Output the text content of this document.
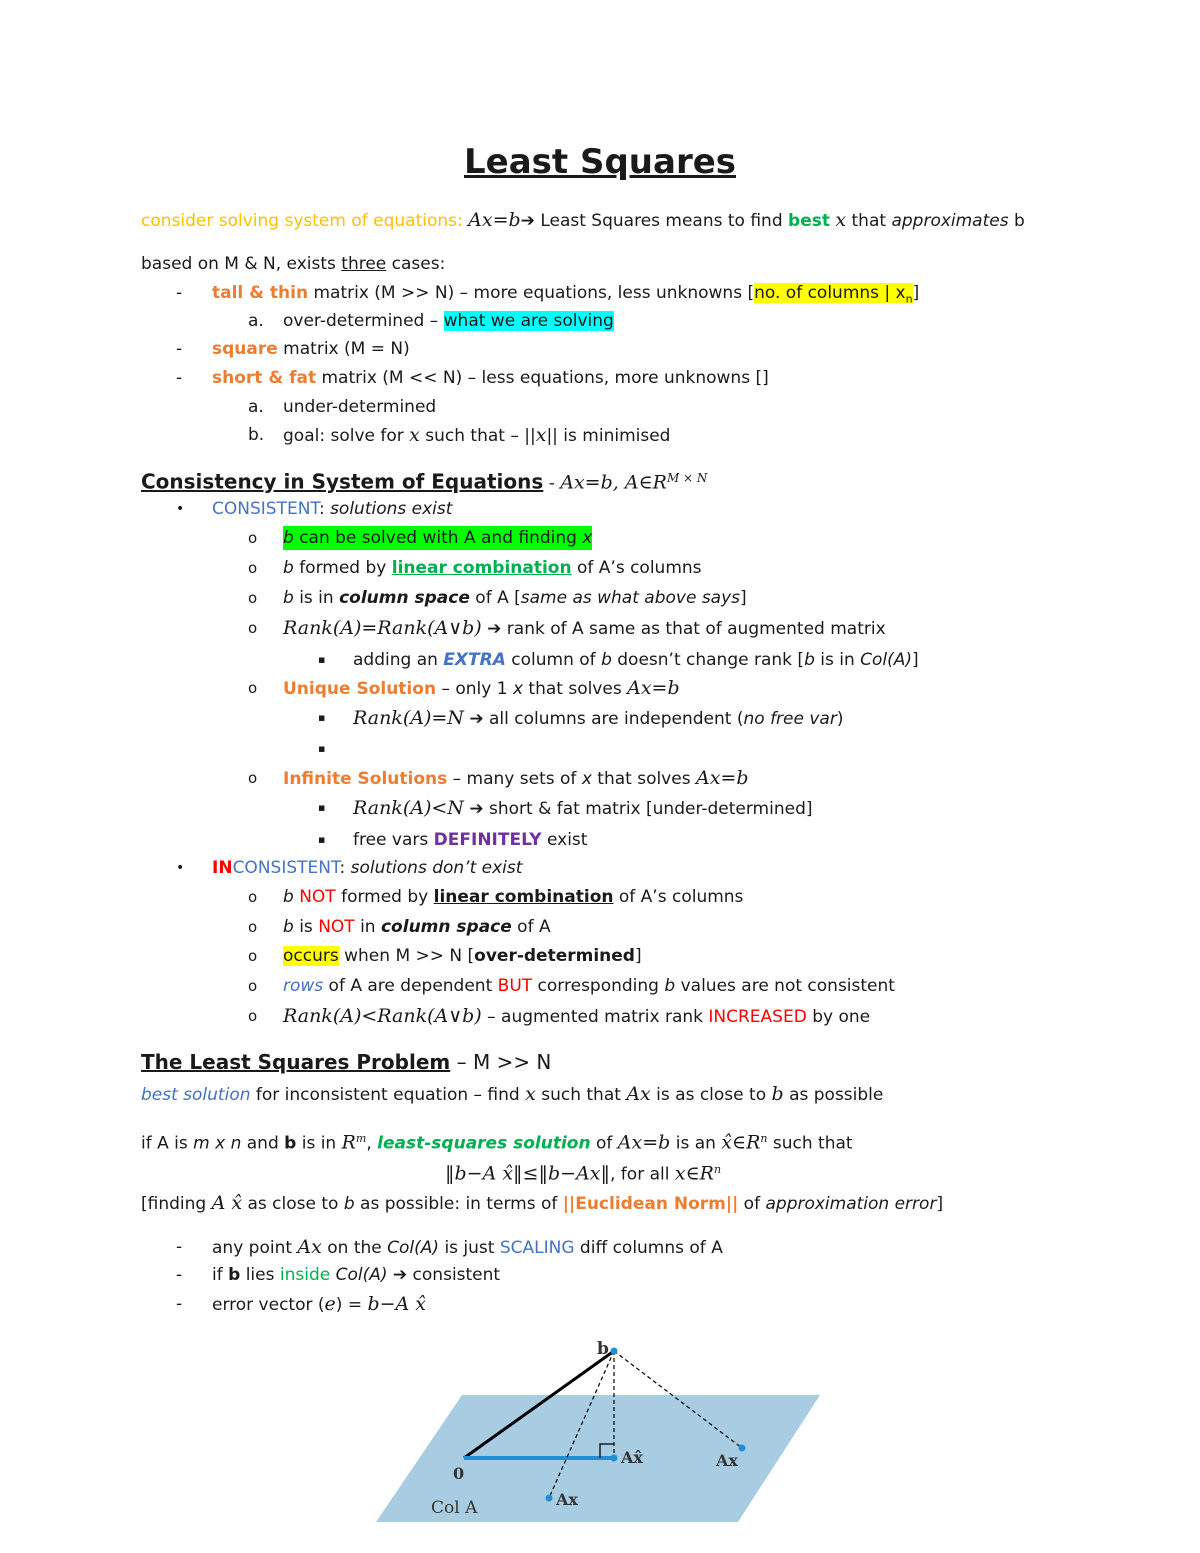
Least Squares
consider solving system of equations: Ax=b➔ Least Squares means to find best x that approximates b
based on M & N, exists three cases:
- tall & thin matrix (M >> N) – more equations, less unknowns [no. of columns | $x_n$]
a. over-determined – what we are solving
- square matrix (M = N)
- short & fat matrix (M << N) – less equations, more unknowns []
a. under-determined
b. goal: solve for x such that – ||x|| is minimised
Consistency in System of Equations - Ax=b, $A\in R^{M \times N}$
• CONSISTENT: solutions exist
o b can be solved with A and finding x
o b formed by linear combination of A’s columns
o b is in column space of A [same as what above says]
o Rank(A)=Rank(A∨b) ➔ rank of A same as that of augmented matrix
▪ adding an EXTRA column of b doesn’t change rank [b is in Col(A)]
o Unique Solution – only 1 x that solves Ax=b
▪ Rank(A)=N ➔ all columns are independent (no free var)
▪
o Infinite Solutions – many sets of x that solves Ax=b
▪ Rank(A)<N ➔ short & fat matrix [under-determined]
▪ free vars DEFINITELY exist
• INCONSISTENT: solutions don’t exist
o b NOT formed by linear combination of A’s columns
o b is NOT in column space of A
o occurs when M >> N [over-determined]
o rows of A are dependent BUT corresponding b values are not consistent
o Rank(A)<Rank(A∨b) – augmented matrix rank INCREASED by one
The Least Squares Problem – M >> N
best solution for inconsistent equation – find x such that Ax is as close to b as possible
if A is m x n and b is in $R^m$, least-squares solution of Ax=b is an $x̂\in R^n$ such that
‖b−A x̂‖≤‖b−Ax‖, for all $x\in R^n$
[finding A x̂ as close to b as possible: in terms of ||Euclidean Norm|| of approximation error]
- any point Ax on the Col(A) is just SCALING diff columns of A
- if b lies inside Col(A) ➔ consistent
- error vector (e) = b−A x̂
b
0
Ax̂	Ax
Ax
Col A
